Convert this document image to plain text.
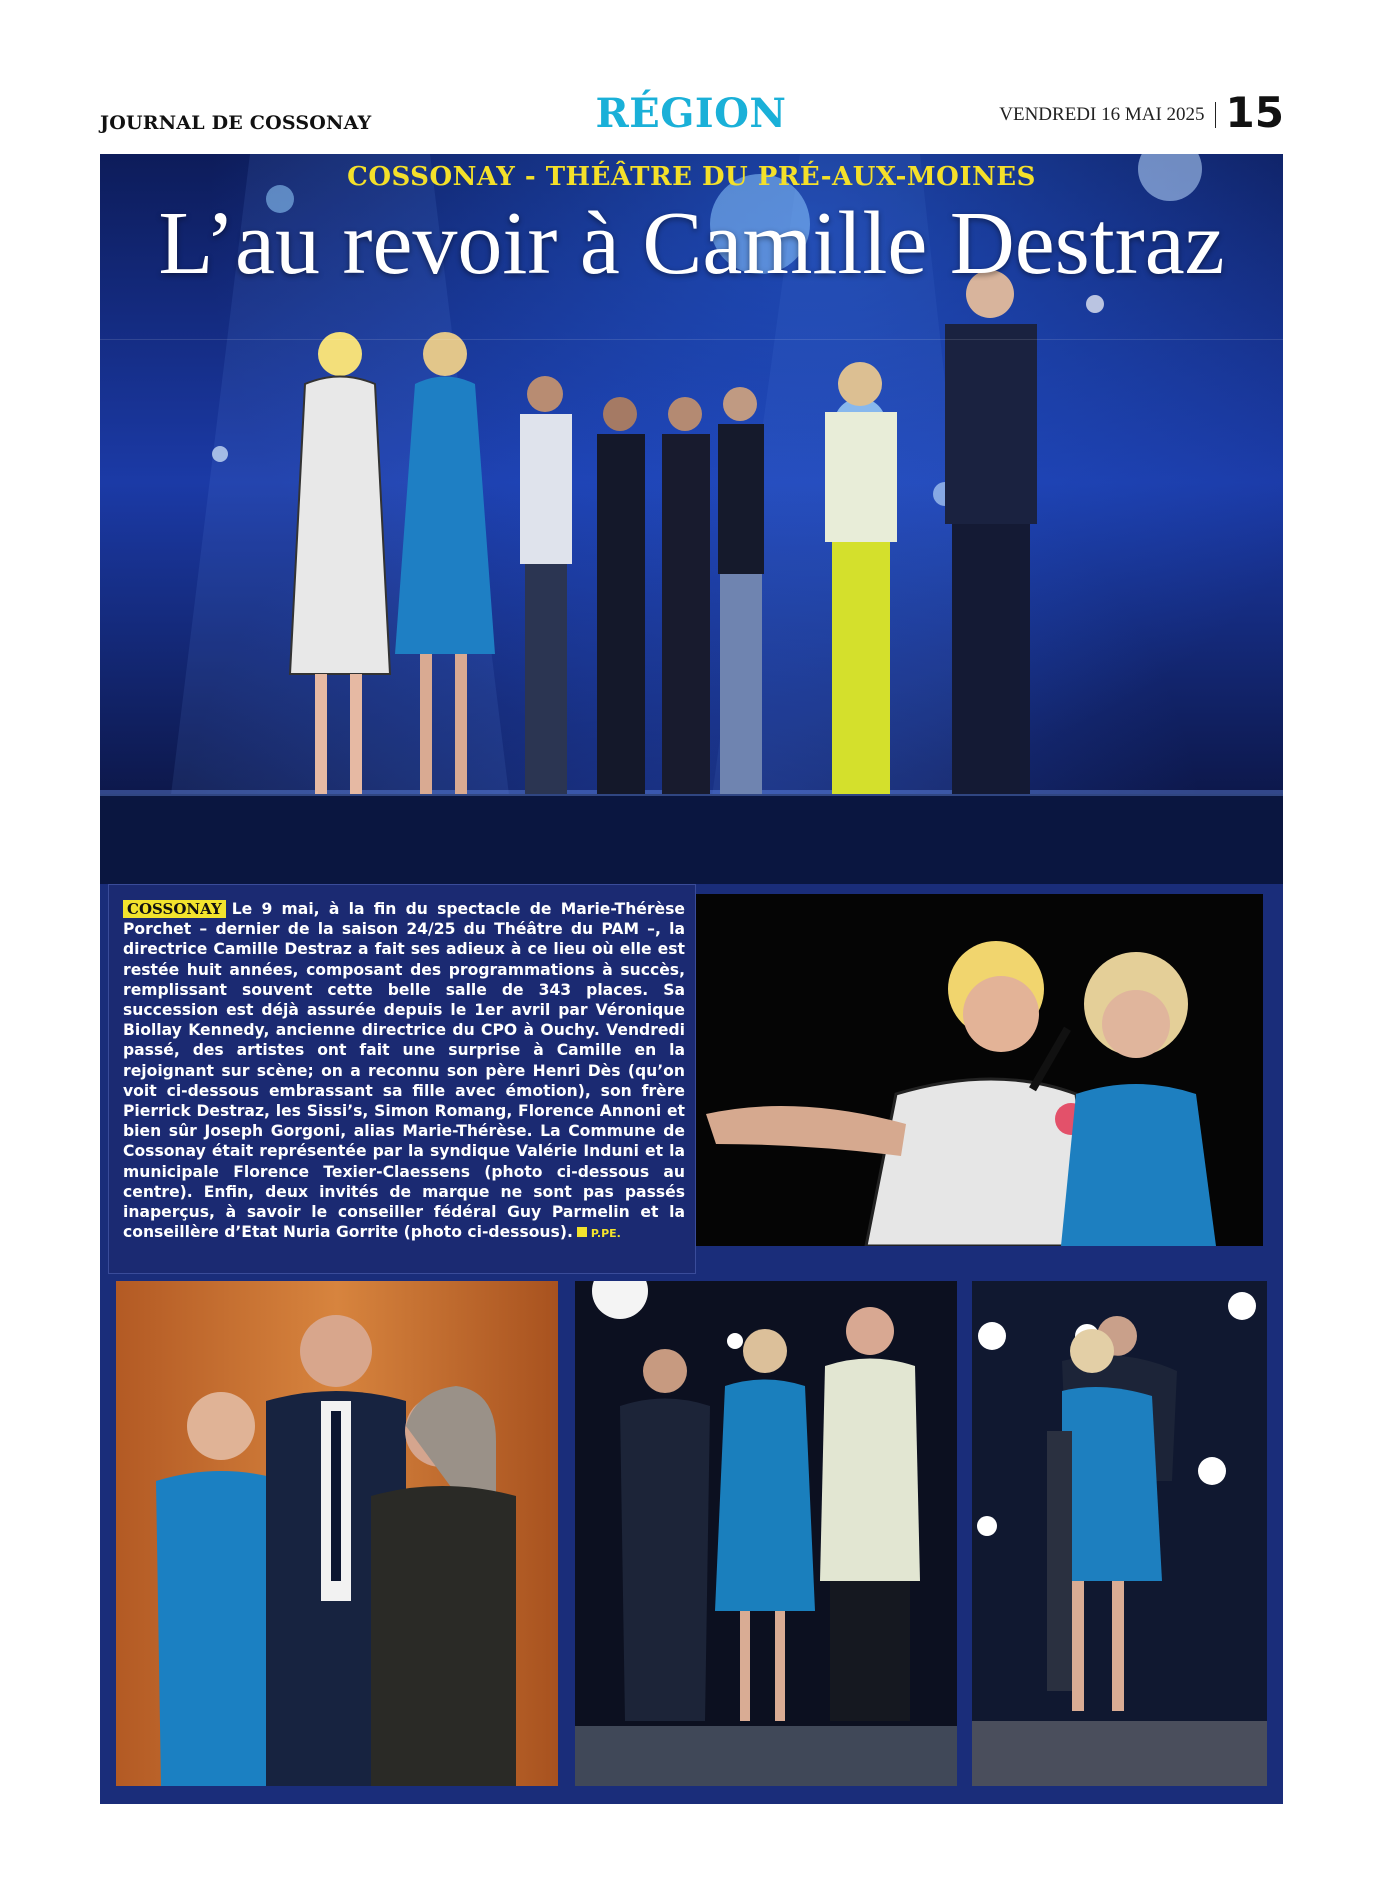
JOURNAL DE COSSONAY	RÉGION	VENDREDI 16 MAI 2025 15
COSSONAY - THÉÂTRE DU PRÉ-AUX-MOINES
L’au revoir à Camille Destraz

COSSONAY Le 9 mai, à la fin du spectacle de Marie-Thérèse Porchet – dernier de la saison 24/25 du Théâtre du PAM –, la directrice Camille Destraz a fait ses adieux à ce lieu où elle est restée huit années, composant des programmations à succès, remplissant souvent cette belle salle de 343 places. Sa succession est déjà assurée depuis le 1er avril par Véronique Biollay Kennedy, ancienne directrice du CPO à Ouchy. Vendredi passé, des artistes ont fait une surprise à Camille en la rejoignant sur scène; on a reconnu son père Henri Dès (qu’on voit ci-dessous embrassant sa fille avec émotion), son frère Pierrick Destraz, les Sissi’s, Simon Romang, Florence Annoni et bien sûr Joseph Gorgoni, alias Marie-Thérèse. La Commune de Cossonay était représentée par la syndique Valérie Induni et la municipale Florence Texier-Claessens (photo ci-dessous au centre). Enfin, deux invités de marque ne sont pas passés inaperçus, à savoir le conseiller fédéral Guy Parmelin et la conseillère d’Etat Nuria Gorrite (photo ci-dessous). P.PE.
